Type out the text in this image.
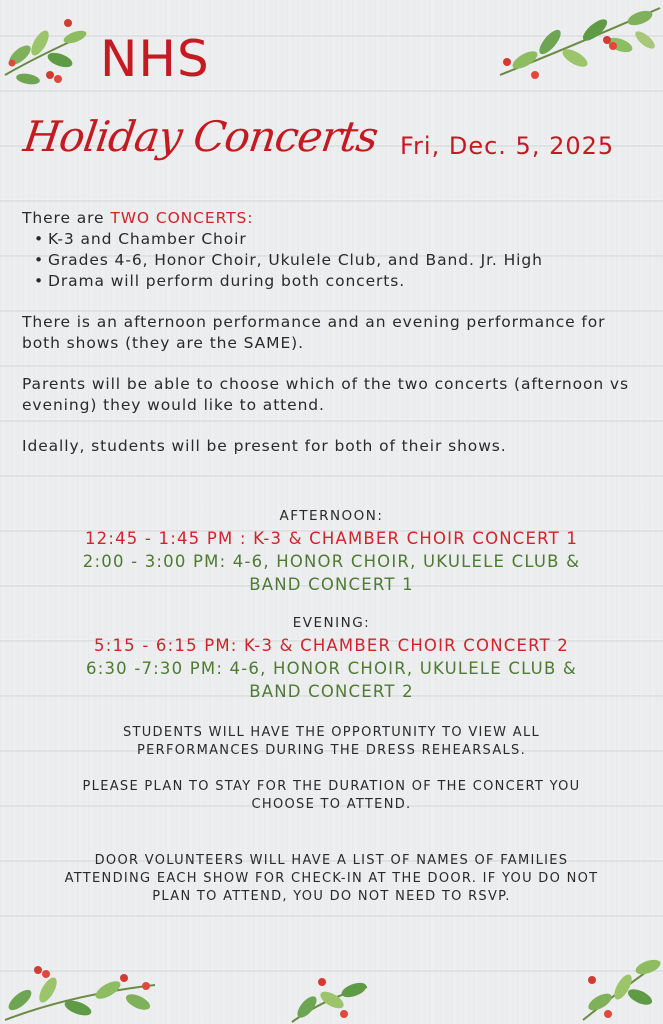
NHS
Holiday Concerts Fri, Dec. 5, 2025

There are TWO CONCERTS:

• K-3 and Chamber Choir
• Grades 4-6, Honor Choir, Ukulele Club, and Band. Jr. High
• Drama will perform during both concerts.

There is an afternoon performance and an evening performance for both shows (they are the SAME).

Parents will be able to choose which of the two concerts (afternoon vs evening) they would like to attend.

Ideally, students will be present for both of their shows.

AFTERNOON:
12:45 - 1:45 PM : K-3 & CHAMBER CHOIR CONCERT 1
2:00 - 3:00 PM: 4-6, HONOR CHOIR, UKULELE CLUB &
BAND CONCERT 1
EVENING:
5:15 - 6:15 PM: K-3 & CHAMBER CHOIR CONCERT 2
6:30 -7:30 PM: 4-6, HONOR CHOIR, UKULELE CLUB &
BAND CONCERT 2

STUDENTS WILL HAVE THE OPPORTUNITY TO VIEW ALL

PERFORMANCES DURING THE DRESS REHEARSALS.

PLEASE PLAN TO STAY FOR THE DURATION OF THE CONCERT YOU

CHOOSE TO ATTEND.

DOOR VOLUNTEERS WILL HAVE A LIST OF NAMES OF FAMILIES

ATTENDING EACH SHOW FOR CHECK-IN AT THE DOOR. IF YOU DO NOT

PLAN TO ATTEND, YOU DO NOT NEED TO RSVP.
